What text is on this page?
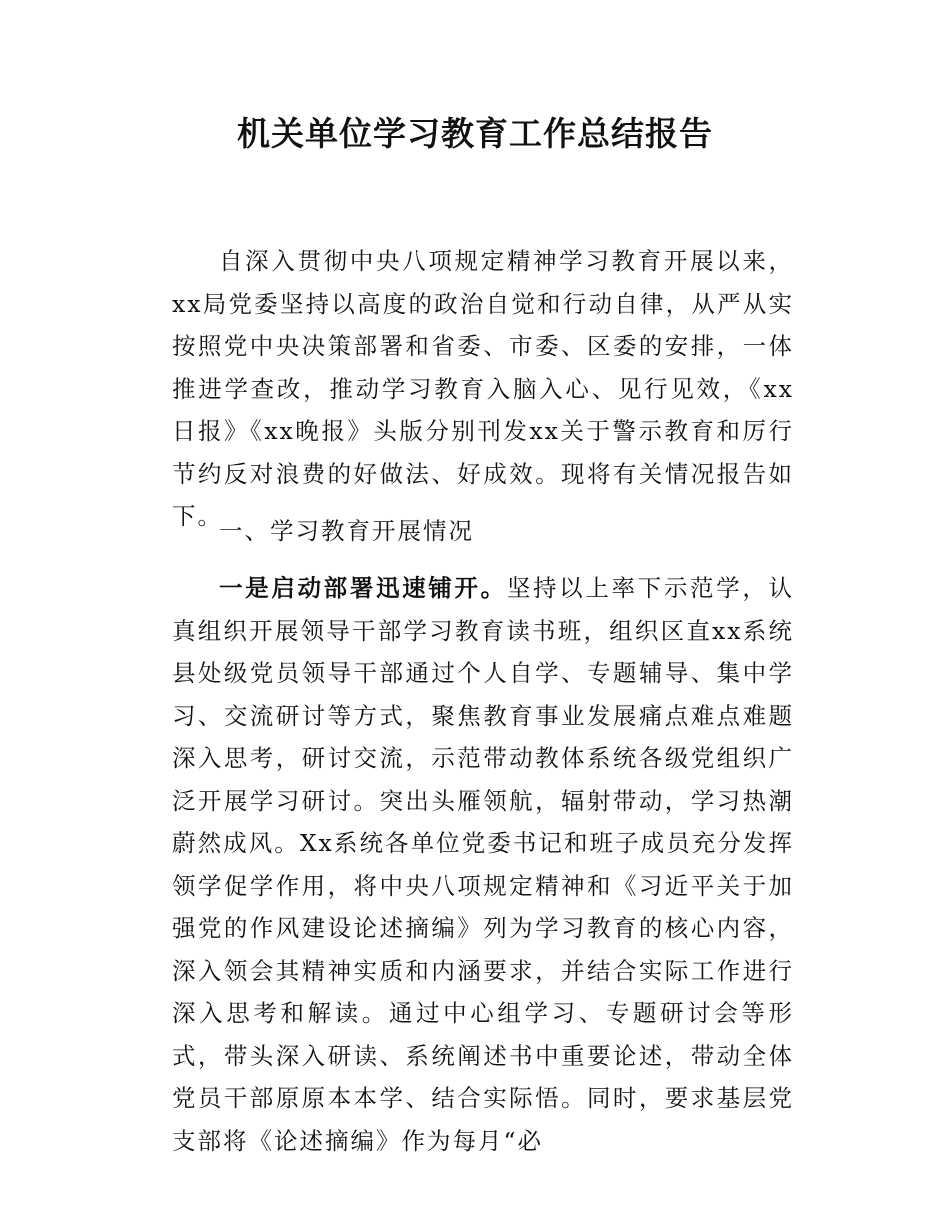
机关单位学习教育工作总结报告

自深入贯彻中央八项规定精神学习教育开展以来，xx局党委坚持以高度的政治自觉和行动自律，从严从实按照党中央决策部署和省委、市委、区委的安排，一体推进学查改，推动学习教育入脑入心、见行见效，《xx日报》《xx晚报》头版分别刊发xx关于警示教育和厉行节约反对浪费的好做法、好成效。现将有关情况报告如下。

一、学习教育开展情况

一是启动部署迅速铺开。坚持以上率下示范学，认真组织开展领导干部学习教育读书班，组织区直xx系统县处级党员领导干部通过个人自学、专题辅导、集中学习、交流研讨等方式，聚焦教育事业发展痛点难点难题深入思考，研讨交流，示范带动教体系统各级党组织广泛开展学习研讨。突出头雁领航，辐射带动，学习热潮蔚然成风。Xx系统各单位党委书记和班子成员充分发挥领学促学作用，将中央八项规定精神和《习近平关于加强党的作风建设论述摘编》列为学习教育的核心内容，深入领会其精神实质和内涵要求，并结合实际工作进行深入思考和解读。通过中心组学习、专题研讨会等形式，带头深入研读、系统阐述书中重要论述，带动全体党员干部原原本本学、结合实际悟。同时，要求基层党支部将《论述摘编》作为每月“必
